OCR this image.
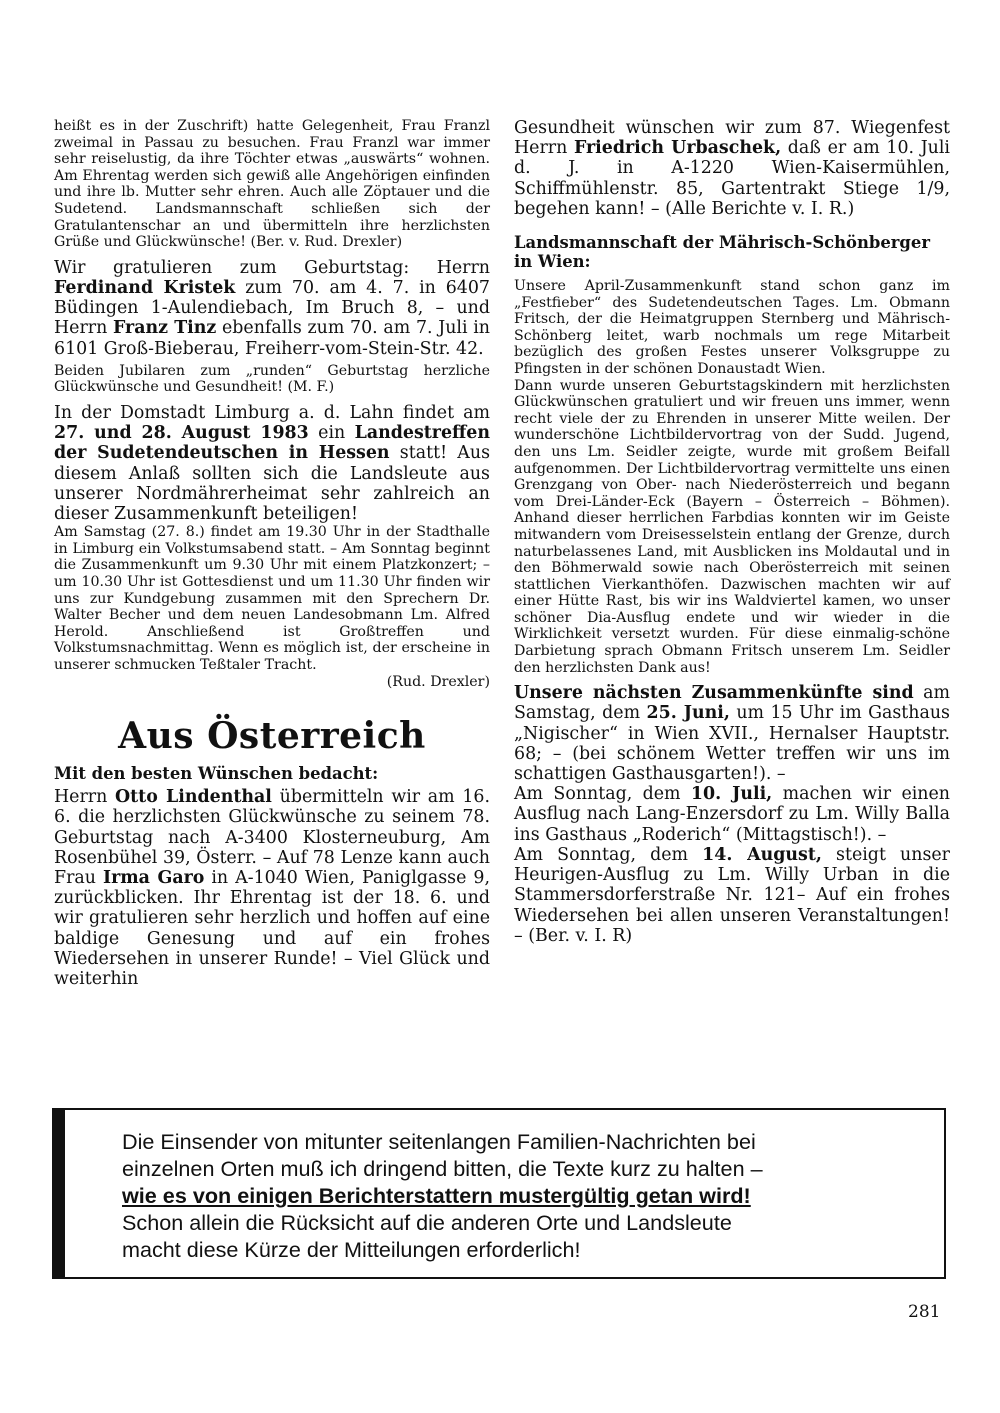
heißt es in der Zuschrift) hatte Gelegenheit, Frau Franzl zweimal in Passau zu besuchen. Frau Franzl war immer sehr reiselustig, da ihre Töchter etwas „auswärts“ wohnen. Am Ehrentag werden sich gewiß alle Angehörigen einfinden und ihre lb. Mutter sehr ehren. Auch alle Zöptauer und die Sudetend. Landsmannschaft schließen sich der Gratulantenschar an und übermitteln ihre herzlichsten Grüße und Glückwünsche! (Ber. v. Rud. Drexler)

Wir gratulieren zum Geburtstag: Herrn Ferdinand Kristek zum 70. am 4. 7. in 6407 Büdingen 1-Aulendiebach, Im Bruch 8, – und Herrn Franz Tinz ebenfalls zum 70. am 7. Juli in 6101 Groß-Bieberau, Freiherr-vom-Stein-Str. 42.

Beiden Jubilaren zum „runden“ Geburtstag herzliche Glückwünsche und Gesundheit! (M. F.)

In der Domstadt Limburg a. d. Lahn findet am 27. und 28. August 1983 ein Landestreffen der Sudetendeutschen in Hessen statt! Aus diesem Anlaß sollten sich die Landsleute aus unserer Nordmährerheimat sehr zahlreich an dieser Zusammenkunft beteiligen!

Am Samstag (27. 8.) findet am 19.30 Uhr in der Stadthalle in Limburg ein Volkstumsabend statt. – Am Sonntag beginnt die Zusammenkunft um 9.30 Uhr mit einem Platzkonzert; – um 10.30 Uhr ist Gottesdienst und um 11.30 Uhr finden wir uns zur Kundgebung zusammen mit den Sprechern Dr. Walter Becher und dem neuen Landesobmann Lm. Alfred Herold. Anschließend ist Großtreffen und Volkstumsnachmittag. Wenn es möglich ist, der erscheine in unserer schmucken Teßtaler Tracht.

(Rud. Drexler)

Aus Österreich
Mit den besten Wünschen bedacht:

Herrn Otto Lindenthal übermitteln wir am 16. 6. die herzlichsten Glückwünsche zu seinem 78. Geburtstag nach A-3400 Klosterneuburg, Am Rosenbühel 39, Österr. – Auf 78 Lenze kann auch Frau Irma Garo in A-1040 Wien, Paniglgasse 9, zurückblicken. Ihr Ehrentag ist der 18. 6. und wir gratulieren sehr herzlich und hoffen auf eine baldige Genesung und auf ein frohes Wiedersehen in unserer Runde! – Viel Glück und weiterhin

Gesundheit wünschen wir zum 87. Wiegenfest Herrn Friedrich Urbaschek, daß er am 10. Juli d. J. in A-1220 Wien-Kaisermühlen, Schiffmühlenstr. 85, Gartentrakt Stiege 1/9, begehen kann! – (Alle Berichte v. I. R.)

Landsmannschaft der Mährisch-Schönberger in Wien:

Unsere April-Zusammenkunft stand schon ganz im „Festfieber“ des Sudetendeutschen Tages. Lm. Obmann Fritsch, der die Heimatgruppen Sternberg und Mährisch-Schönberg leitet, warb nochmals um rege Mitarbeit bezüglich des großen Festes unserer Volksgruppe zu Pfingsten in der schönen Donaustadt Wien.

Dann wurde unseren Geburtstagskindern mit herzlichsten Glückwünschen gratuliert und wir freuen uns immer, wenn recht viele der zu Ehrenden in unserer Mitte weilen. Der wunderschöne Lichtbildervortrag von der Sudd. Jugend, den uns Lm. Seidler zeigte, wurde mit großem Beifall aufgenommen. Der Lichtbildervortrag vermittelte uns einen Grenzgang von Ober- nach Niederösterreich und begann vom Drei-Länder-Eck (Bayern – Österreich – Böhmen). Anhand dieser herrlichen Farbdias konnten wir im Geiste mitwandern vom Dreisesselstein entlang der Grenze, durch naturbelassenes Land, mit Ausblicken ins Moldautal und in den Böhmerwald sowie nach Oberösterreich mit seinen stattlichen Vierkanthöfen. Dazwischen machten wir auf einer Hütte Rast, bis wir ins Waldviertel kamen, wo unser schöner Dia-Ausflug endete und wir wieder in die Wirklichkeit versetzt wurden. Für diese einmalig-schöne Darbietung sprach Obmann Fritsch unserem Lm. Seidler den herzlichsten Dank aus!

Unsere nächsten Zusammenkünfte sind am Samstag, dem 25. Juni, um 15 Uhr im Gasthaus „Nigischer“ in Wien XVII., Hernalser Hauptstr. 68; – (bei schönem Wetter treffen wir uns im schattigen Gasthausgarten!). –

Am Sonntag, dem 10. Juli, machen wir einen Ausflug nach Lang-Enzersdorf zu Lm. Willy Balla ins Gasthaus „Roderich“ (Mittagstisch!). –

Am Sonntag, dem 14. August, steigt unser Heurigen-Ausflug zu Lm. Willy Urban in die Stammersdorferstraße Nr. 121– Auf ein frohes Wiedersehen bei allen unseren Veranstaltungen! – (Ber. v. I. R)

Die Einsender von mitunter seitenlangen Familien-Nachrichten bei
einzelnen Orten muß ich dringend bitten, die Texte kurz zu halten –
wie es von einigen Berichterstattern mustergültig getan wird!
Schon allein die Rücksicht auf die anderen Orte und Landsleute
macht diese Kürze der Mitteilungen erforderlich!
281
